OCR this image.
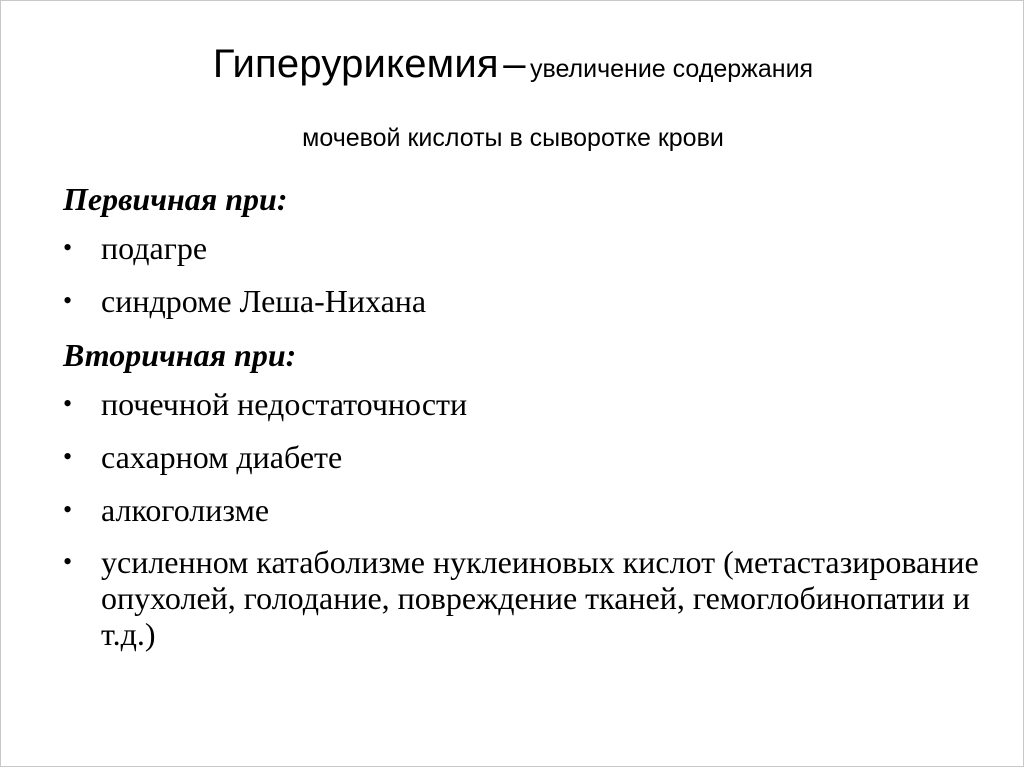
Гиперурикемия – увеличение содержания
мочевой кислоты в сыворотке крови
Первичная при:
• подагре
• синдроме Леша-Нихана
Вторичная при:
• почечной недостаточности
• сахарном диабете
• алкоголизме
• усиленном катаболизме нуклеиновых кислот (метастазирование опухолей, голодание, повреждение тканей, гемоглобинопатии и т.д.)
